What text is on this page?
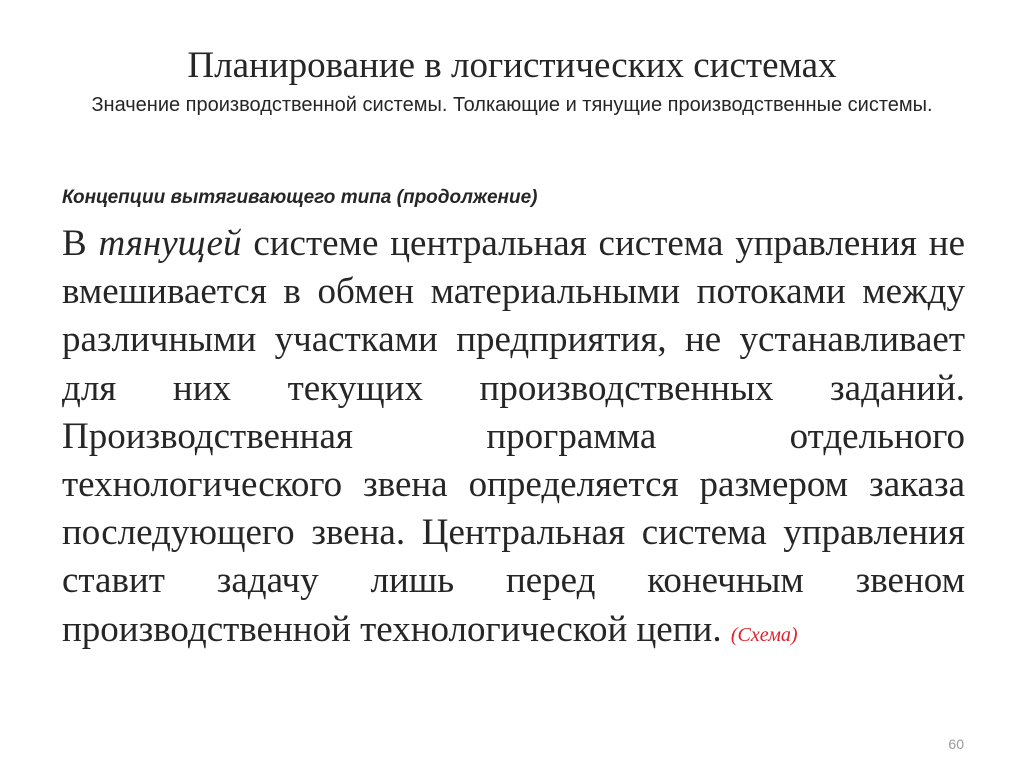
Планирование в логистических системах
Значение производственной системы. Толкающие и тянущие производственные системы.
Концепции вытягивающего типа (продолжение)
В тянущей системе центральная система управления не вмешивается в обмен материальными потоками между различными участками предприятия, не устанавливает для них текущих производственных заданий. Производственная программа отдельного технологического звена определяется размером заказа последующего звена. Центральная система управления ставит задачу лишь перед конечным звеном производственной технологической цепи. (Схема)
60
